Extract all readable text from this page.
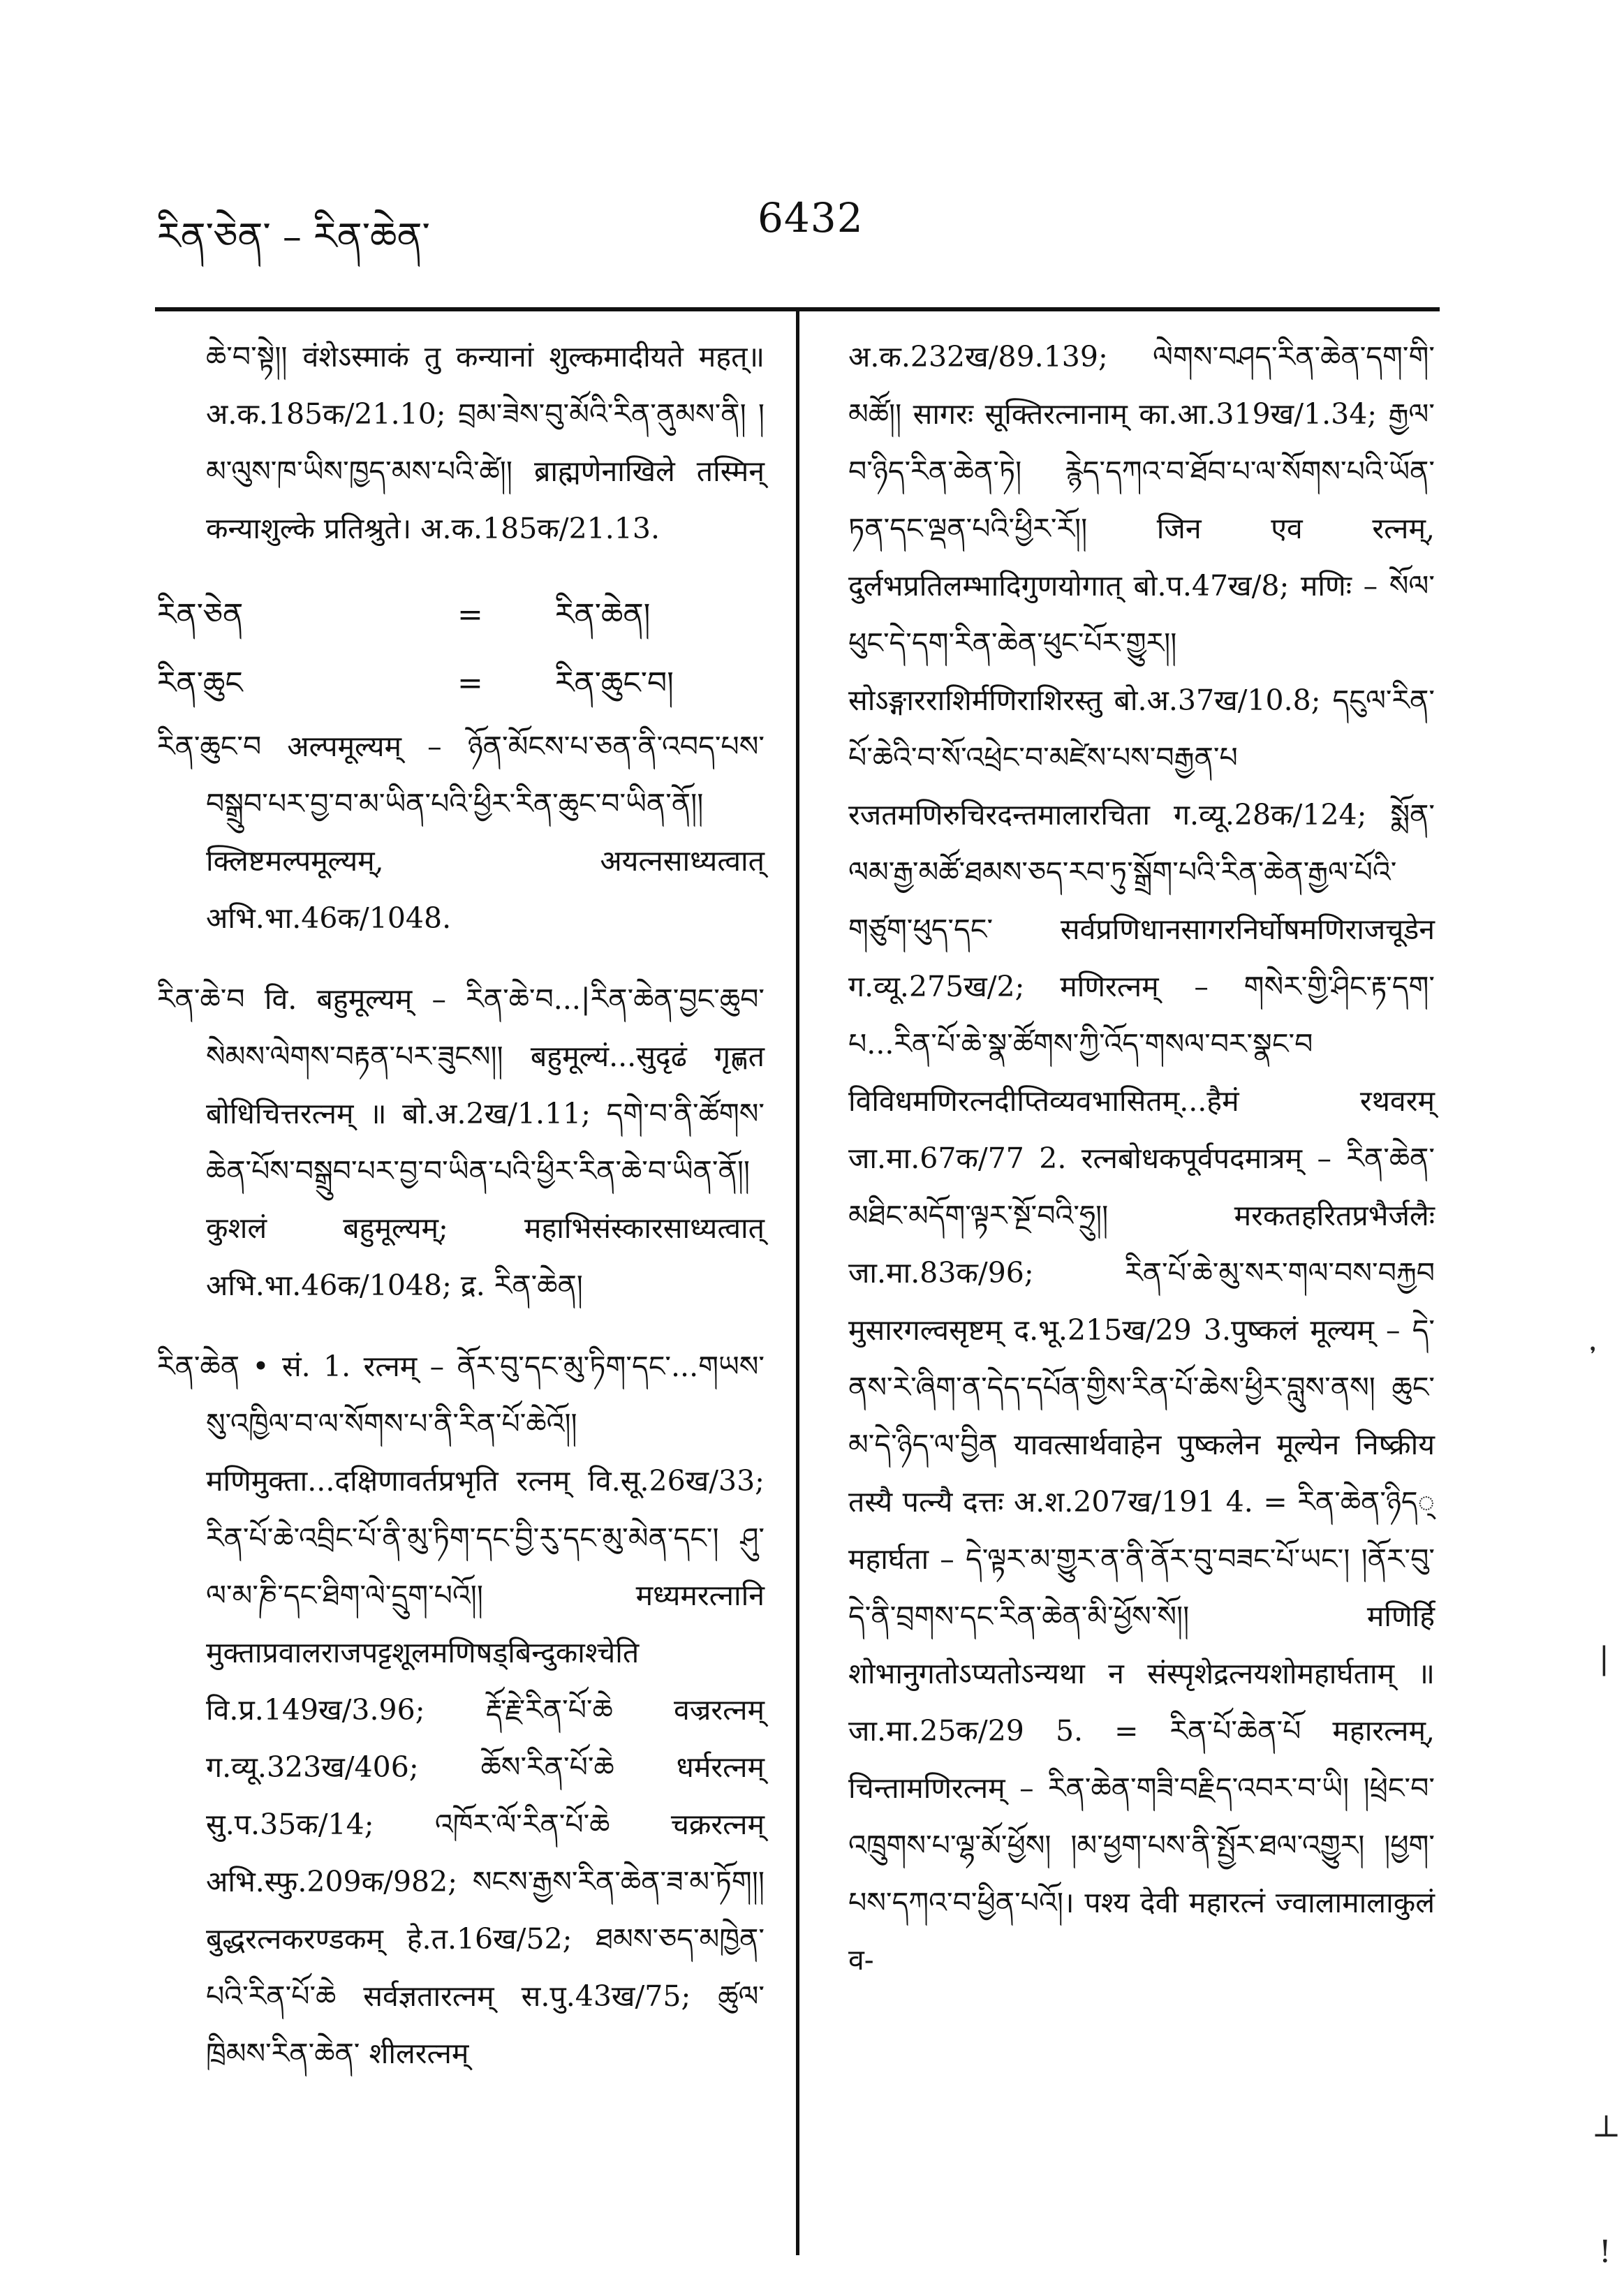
རིན་ཅེན་ – རིན་ཆེན་	6432

ཆེ་བ་སྟེ།། वंशेऽस्माकं तु कन्यानां शुल्कमादीयते महत्॥ अ.क.185क/21.10; བྲམ་ཟེས་བུ་མོའི་རིན་ནུམས་ནི། །མ་ལུས་ཁ་ཡིས་ཁྱད་མས་པའི་ཚེ།། ब्राह्मणेनाखिले तस्मिन् कन्याशुल्के प्रतिश्रुते। अ.क.185क/21.13.

རིན་ཅེན	=	རིན་ཆེན།
རིན་ཆུང	=	རིན་ཆུང་བ།

རིན་ཆུང་བ अल्पमूल्यम् – ཉོན་མོངས་པ་ཅན་ནི་འབད་པས་བསྒྲུབ་པར་བྱ་བ་མ་ཡིན་པའི་ཕྱིར་རིན་ཆུང་བ་ཡིན་ནོ།། क्लिष्टमल्पमूल्यम्, अयत्नसाध्यत्वात् अभि.भा.46क/1048.

རིན་ཆེ་བ वि. बहुमूल्यम् – རིན་ཆེ་བ...|རིན་ཆེན་བྱང་ཆུབ་སེམས་ལེགས་བརྟན་པར་ཟུངས།། बहुमूल्यं...सुदृढं गृह्णत बोधिचित्तरत्नम् ॥ बो.अ.2ख/1.11; དགེ་བ་ནི་ཚོགས་ཆེན་པོས་བསྒྲུབ་པར་བྱ་བ་ཡིན་པའི་ཕྱིར་རིན་ཆེ་བ་ཡིན་ནོ།། कुशलं बहुमूल्यम्; महाभिसंस्कारसाध्यत्वात् अभि.भा.46क/1048; द्र. རིན་ཆེན།

རིན་ཆེན • सं. 1. रत्नम् – ནོར་བུ་དང་མུ་ཏིག་དང་...གཡས་སུ་འཁྱིལ་བ་ལ་སོགས་པ་ནི་རིན་པོ་ཆེའོ།། मणिमुक्ता...दक्षिणावर्तप्रभृति रत्नम् वि.सू.26ख/33; རིན་པོ་ཆེ་འབྲིང་པོ་ནི་མུ་ཏིག་དང་བྱི་རུ་དང་མུ་མེན་དང་། ཤུ་ལ་མ་ཎི་དང་ཐིག་ལེ་དྲུག་པའོ།། मध्यमरत्नानि मुक्ताप्रवालराजपट्टशूलमणिषड्बिन्दुकाश्चेति वि.प्र.149ख/3.96; རྡོ་རྗེ་རིན་པོ་ཆེ वज्ररत्नम् ग.व्यू.323ख/406; ཆོས་རིན་པོ་ཆེ धर्मरत्नम् सु.प.35क/14; འཁོར་ལོ་རིན་པོ་ཆེ चक्ररत्नम् अभि.स्फु.209क/982; སངས་རྒྱས་རིན་ཆེན་ཟ་མ་ཏོག།། बुद्धरत्नकरण्डकम् हे.त.16ख/52; ཐམས་ཅད་མཁྱེན་པའི་རིན་པོ་ཆེ सर्वज्ञतारत्नम् स.पु.43ख/75; ཚུལ་ཁྲིམས་རིན་ཆེན་ शीलरत्नम्

अ.क.232ख/89.139; ལེགས་བཤད་རིན་ཆེན་དག་གི་མཚོ།། सागरः सूक्तिरत्नानाम् का.आ.319ख/1.34; རྒྱལ་བ་ཉིད་རིན་ཆེན་ཏེ། རྙེད་དཀའ་བ་ཐོབ་པ་ལ་སོགས་པའི་ཡོན་ཏན་དང་ལྡན་པའི་ཕྱིར་རོ།། जिन एव रत्नम्, दुर्लभप्रतिलम्भादिगुणयोगात् बो.प.47ख/8; मणिः – སོལ་ཕུང་དེ་དག་རིན་ཆེན་ཕུང་པོར་གྱུར།། सोऽङ्गारराशिर्मणिराशिरस्तु बो.अ.37ख/10.8; དངུལ་རིན་པོ་ཆེའི་བ་སོ་འཕྲེང་བ་མཛེས་པས་བརྒྱན་པ रजतमणिरुचिरदन्तमालारचिता ग.व्यू.28क/124; སྨོན་ལམ་རྒྱ་མཚོ་ཐམས་ཅད་རབ་ཏུ་སྒྲོག་པའི་རིན་ཆེན་རྒྱལ་པོའི་གཙུག་ཕུད་དང་ सर्वप्रणिधानसागरनिर्घोषमणिराजचूडेन ग.व्यू.275ख/2; मणिरत्नम् – གསེར་གྱི་ཤིང་རྟ་དག་པ...རིན་པོ་ཆེ་སྣ་ཚོགས་ཀྱི་འོད་གསལ་བར་སྣང་བ विविधमणिरत्नदीप्तिव्यवभासितम्...हैमं रथवरम् जा.मा.67क/77 2. रत्नबोधकपूर्वपदमात्रम् – རིན་ཆེན་མཐིང་མདོག་ལྟར་སྔོ་བའི་ཧྲུ།། मरकतहरितप्रभैर्जलैः जा.मा.83क/96; རིན་པོ་ཆེ་མུ་སར་གལ་བས་བརྐྱབ मुसारगल्वसृष्टम् द.भू.215ख/29 3.पुष्कलं मूल्यम् – དེ་ནས་རེ་ཞིག་ན་དེད་དཔོན་གྱིས་རིན་པོ་ཆེས་ཕྱིར་བླུས་ནས། ཆུང་མ་དེ་ཉིད་ལ་བྱིན यावत्सार्थवाहेन पुष्कलेन मूल्येन निष्क्रीय तस्यै पत्न्यै दत्तः अ.श.207ख/191 4. = རིན་ཆེན་ཉིད् महार्घता – དེ་ལྟར་མ་གྱུར་ན་ནི་ནོར་བུ་བཟང་པོ་ཡང་། །ནོར་བུ་དེ་ནི་བྲགས་དང་རིན་ཆེན་མི་ཕྱོས་སོ།། मणिर्हि शोभानुगतोऽप्यतोऽन्यथा न संस्पृशेद्रत्नयशोमहार्घताम् ॥ जा.मा.25क/29 5. = རིན་པོ་ཆེན་པོ महारत्नम्, चिन्तामणिरत्नम् – རིན་ཆེན་གཟི་བརྗིད་འབར་བ་ཡི། །ཕྲེང་བ་འཁྲུགས་པ་ལྷ་མོ་ཕྱོས། །མ་ཕྱག་པས་ནི་སྤྱོར་ཐལ་འགྱུར། །ཕྱག་པས་དཀའ་བ་ཕྱིན་པའོ།। पश्य देवी महारत्नं ज्वालामालाकुलं व-

᾿
|
⊥
!
